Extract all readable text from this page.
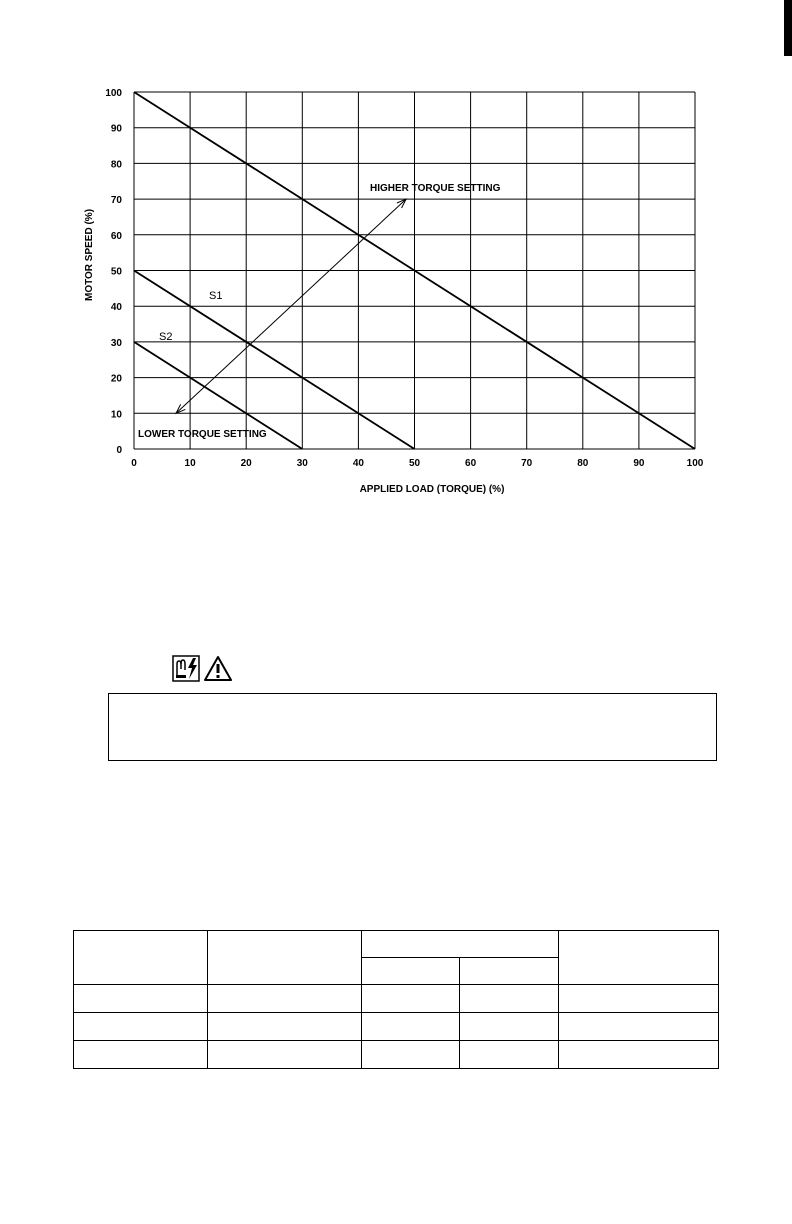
0	10	20	30	40	50	60	70	80	90	100
0
10
20
30
40
50
60
70
80
90
100
MOTOR SPEED (%)
APPLIED LOAD (TORQUE) (%)
S1
S2
HIGHER TORQUE SETTING
LOWER TORQUE SETTING
